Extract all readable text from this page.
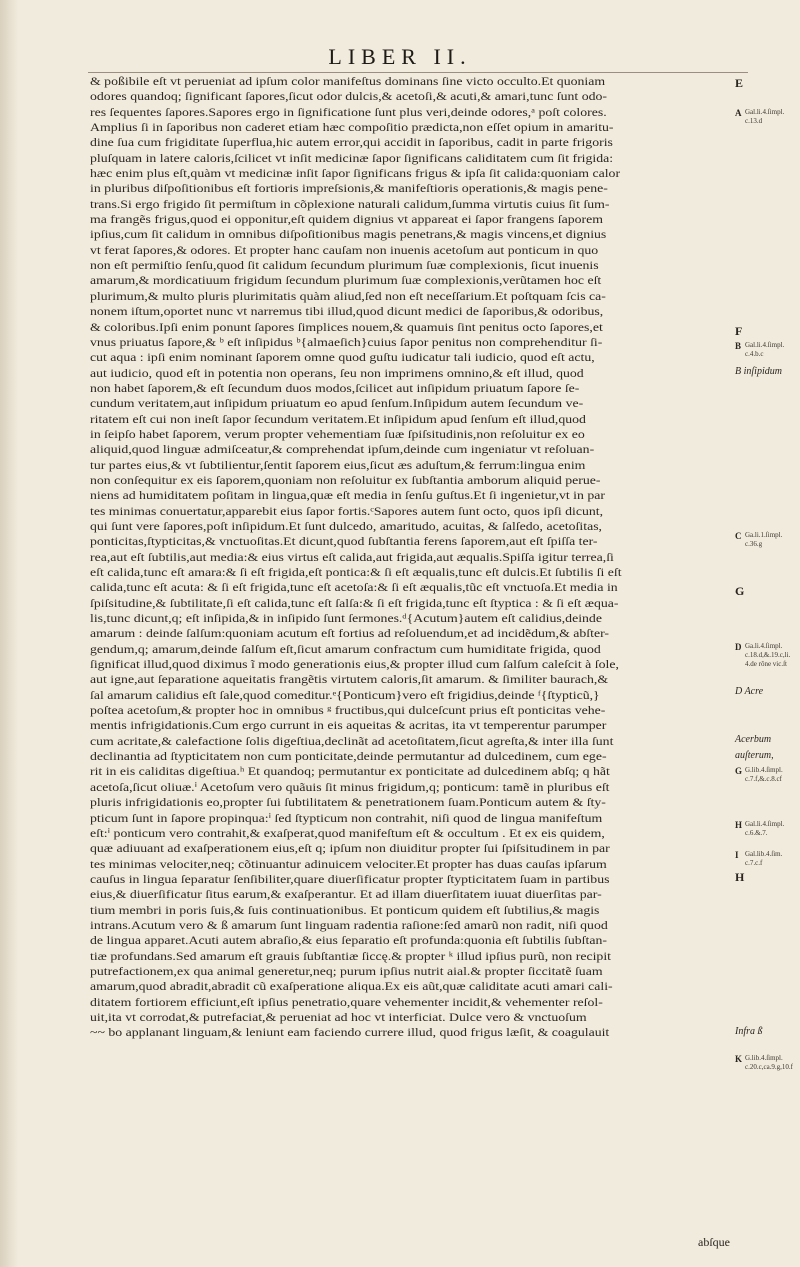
LIBER II.
& poßibile eſt vt perueniat ad ipſum color manifeſtus dominans ſine victo occulto.Et quoniam
odores quandoq; ſignificant ſapores,ſicut odor dulcis,& acetoſi,& acuti,& amari,tunc ſunt odo-
res ſequentes ſapores.Sapores ergo in ſignificatione ſunt plus veri,deinde odores,ᵃ poſt colores.
Amplius ſi in ſaporibus non caderet etiam hæc compoſitio prædicta,non eſſet opium in amaritu-
dine ſua cum frigiditate ſuperflua,hic autem error,qui accidit in ſaporibus, cadit in parte frigoris
pluſquam in latere caloris,ſcilicet vt inſit medicinæ ſapor ſignificans caliditatem cum ſit frigida:
hæc enim plus eſt,quàm vt medicinæ inſit ſapor ſignificans frigus & ipſa ſit calida:quoniam calor
in pluribus diſpoſitionibus eſt fortioris impreſsionis,& manifeſtioris operationis,& magis pene-
trans.Si ergo frigido ſit permiſtum in cõplexione naturali calidum,ſumma virtutis cuius ſit ſum-
ma frangẽs frigus,quod ei opponitur,eſt quidem dignius vt appareat ei ſapor frangens ſaporem
ipſius,cum ſit calidum in omnibus diſpoſitionibus magis penetrans,& magis vincens,et dignius
vt ferat ſapores,& odores. Et propter hanc cauſam non inuenis acetoſum aut ponticum in quo
non eſt permiſtio ſenſu,quod ſit calidum ſecundum plurimum ſuæ complexionis, ſicut inuenis
amarum,& mordicatiuum frigidum ſecundum plurimum ſuæ complexionis,verũtamen hoc eſt
plurimum,& multo pluris plurimitatis quàm aliud,ſed non eſt neceſſarium.Et poſtquam ſcis ca-
nonem iſtum,oportet nunc vt narremus tibi illud,quod dicunt medici de ſaporibus,& odoribus,
& coloribus.Ipſi enim ponunt ſapores ſimplices nouem,& quamuis ſint penitus octo ſapores,et
vnus priuatus ſapore,& ᵇ eſt inſipidus ᵇ{almaeſich}cuius ſapor penitus non comprehenditur ſi-
cut aqua : ipſi enim nominant ſaporem omne quod guſtu iudicatur tali iudicio, quod eſt actu,
aut iudicio, quod eſt in potentia non operans, ſeu non imprimens omnino,& eſt illud, quod
non habet ſaporem,& eſt ſecundum duos modos,ſcilicet aut inſipidum priuatum ſapore ſe-
cundum veritatem,aut inſipidum priuatum eo apud ſenſum.Inſipidum autem ſecundum ve-
ritatem eſt cui non ineſt ſapor ſecundum veritatem.Et inſipidum apud ſenſum eſt illud,quod
in ſeipſo habet ſaporem, verum propter vehementiam ſuæ ſpiſsitudinis,non reſoluitur ex eo
aliquid,quod linguæ admiſceatur,& comprehendat ipſum,deinde cum ingeniatur vt reſoluan-
tur partes eius,& vt ſubtilientur,ſentit ſaporem eius,ſicut æs aduſtum,& ferrum:lingua enim
non conſequitur ex eis ſaporem,quoniam non reſoluitur ex ſubſtantia amborum aliquid perue-
niens ad humiditatem poſitam in lingua,quæ eſt media in ſenſu guſtus.Et ſi ingenietur,vt in par
tes minimas conuertatur,apparebit eius ſapor fortis.ᶜSapores autem ſunt octo, quos ipſi dicunt,
qui ſunt vere ſapores,poſt inſipidum.Et ſunt dulcedo, amaritudo, acuitas, & ſalſedo, acetoſitas,
ponticitas,ſtypticitas,& vnctuoſitas.Et dicunt,quod ſubſtantia ferens ſaporem,aut eſt ſpiſſa ter-
rea,aut eſt ſubtilis,aut media:& eius virtus eſt calida,aut frigida,aut æqualis.Spiſſa igitur terrea,ſi
eſt calida,tunc eſt amara:& ſi eſt frigida,eſt pontica:& ſi eſt æqualis,tunc eſt dulcis.Et ſubtilis ſi eſt
calida,tunc eſt acuta: & ſi eſt frigida,tunc eſt acetoſa:& ſi eſt æqualis,tũc eſt vnctuoſa.Et media in
ſpiſsitudine,& ſubtilitate,ſi eſt calida,tunc eſt ſalſa:& ſi eſt frigida,tunc eſt ſtyptica : & ſi eſt æqua-
lis,tunc dicunt,q; eſt inſipida,& in inſipido ſunt ſermones.ᵈ{Acutum}autem eſt calidius,deinde
amarum : deinde ſalſum:quoniam acutum eſt fortius ad reſoluendum,et ad incidẽdum,& abſter-
gendum,q; amarum,deinde ſalſum eſt,ſicut amarum confractum cum humiditate frigida, quod
ſignificat illud,quod diximus ĩ modo generationis eius,& propter illud cum ſalſum caleſcit à ſole,
aut igne,aut ſeparatione aqueitatis frangẽtis virtutem caloris,ſit amarum. & ſimiliter baurach,&
ſal amarum calidius eſt ſale,quod comeditur.ᵉ{Ponticum}vero eſt frigidius,deinde ᶠ{ſtypticũ,}
poſtea acetoſum,& propter hoc in omnibus ᵍ fructibus,qui dulceſcunt prius eſt ponticitas vehe-
mentis infrigidationis.Cum ergo currunt in eis aqueitas & acritas, ita vt temperentur parumper
cum acritate,& calefactione ſolis digeſtiua,declinãt ad acetoſitatem,ſicut agreſta,& inter illa ſunt
declinantia ad ſtypticitatem non cum ponticitate,deinde permutantur ad dulcedinem, cum ege-
rit in eis caliditas digeſtiua.ʰ Et quandoq; permutantur ex ponticitate ad dulcedinem abſq; q hãt
acetoſa,ſicut oliuæ.ⁱ Acetoſum vero quãuis ſit minus frigidum,q; ponticum: tamẽ in pluribus eſt
pluris infrigidationis eo,propter ſui ſubtilitatem & penetrationem ſuam.Ponticum autem & ſty-
pticum ſunt in ſapore propinqua:ⁱ ſed ſtypticum non contrahit, niſi quod de lingua manifeſtum
eſt:ⁱ ponticum vero contrahit,& exaſperat,quod manifeſtum eſt & occultum . Et ex eis quidem,
quæ adiuuant ad exaſperationem eius,eſt q; ipſum non diuiditur propter ſui ſpiſsitudinem in par
tes minimas velociter,neq; cõtinuantur adinuicem velociter.Et propter has duas cauſas ipſarum
cauſus in lingua ſeparatur ſenſibiliter,quare diuerſificatur propter ſtypticitatem ſuam in partibus
eius,& diuerſificatur ſitus earum,& exaſperantur. Et ad illam diuerſitatem iuuat diuerſitas par-
tium membri in poris ſuis,& ſuis continuationibus. Et ponticum quidem eſt ſubtilius,& magis
intrans.Acutum vero & ß amarum ſunt linguam radentia raſione:ſed amarũ non radit, niſi quod
de lingua apparet.Acuti autem abraſio,& eius ſeparatio eſt profunda:quonia eſt ſubtilis ſubſtan-
tiæ profundans.Sed amarum eſt grauis ſubſtantiæ ſiccę.& propter ᵏ illud ipſius purũ, non recipit
putrefactionem,ex qua animal generetur,neq; purum ipſius nutrit aial.& propter ſiccitatẽ ſuam
amarum,quod abradit,abradit cũ exaſperatione aliqua.Ex eis aũt,quæ caliditate acuti amari cali-
ditatem fortiorem efficiunt,eſt ipſius penetratio,quare vehementer incidit,& vehementer reſol-
uit,ita vt corrodat,& putrefaciat,& perueniat ad hoc vt interficiat. Dulce vero & vnctuoſum
~~ bo applanant linguam,& leniunt eam faciendo currere illud, quod frigus læſit, & coagulauit
abſque
E
A Gal.li.4.ſimpl. c.13.d
F
B Gal.li.4.ſimpl. c.4.b.c
B inſipidum
C Ga.li.1.ſimpl. c.36.g
G
D Ga.li.4.ſimpl. c.18.d,&.19.c,li. 4.de rône vic.ſt
D Acre
Acerbum
auſterum,
G G.lib.4.ſimpl. c.7.f,&.c.8.cf
H Gal.li.4.ſimpl. c.6.&.7.
I Gal.lib.4.ſim. c.7.c.f
H
Infra ß
K G.lib.4.ſimpl. c.20.c,ca.9.g,10.f
